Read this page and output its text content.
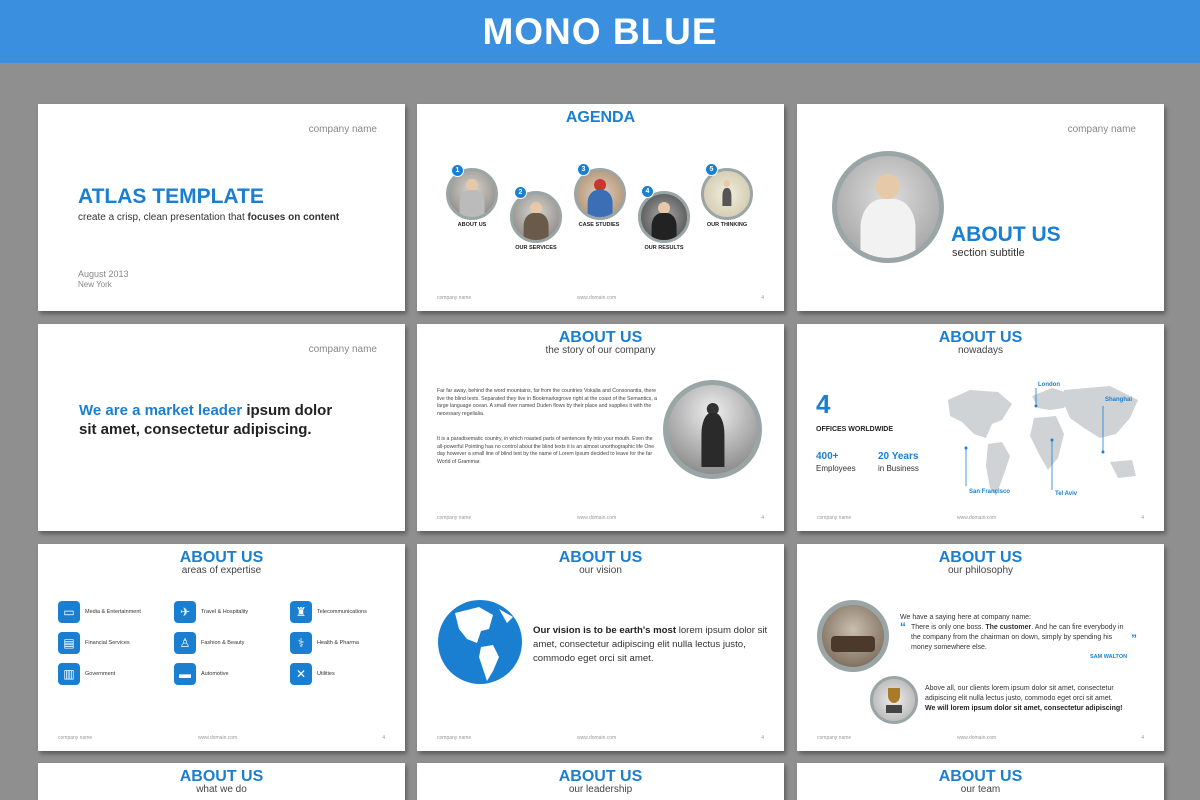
MONO BLUE
company name
ATLAS TEMPLATE
create a crisp, clean presentation that focuses on content
August 2013
New York
AGENDA
1
ABOUT US
2
OUR SERVICES
3
CASE STUDIES
4
OUR RESULTS
5
OUR THINKING
company name	www.domain.com	4
company name
ABOUT US
section subtitle
company name
We are a market leader ipsum dolor
sit amet, consectetur adipiscing.
ABOUT US
the story of our company
Far far away, behind the word mountains, far from the countries Vokalia and Consonantia, there live the blind texts. Separated they live in Bookmarksgrove right at the coast of the Semantics, a large language ocean. A small river named Duden flows by their place and supplies it with the necessary regelialia.
It is a paradisematic country, in which roasted parts of sentences fly into your mouth. Even the all-powerful Pointing has no control about the blind texts it is an almost unorthographic life One day however a small line of blind text by the name of Lorem Ipsum decided to leave for the far World of Grammar.
company name	www.domain.com	4
ABOUT US
nowadays
4
OFFICES WORLDWIDE
400+
Employees
20 Years
in Business
London
Shanghai
San Francisco	Tel Aviv
company name	www.domain.com	4
ABOUT US
areas of expertise
▭ Media & Entertainment	✈ Travel & Hospitality	♜ Telecommunications
▤ Financial Services	♙ Fashion & Beauty	⚕ Health & Pharma
▥ Government	▬ Automotive	✕ Utilities
company name	www.domain.com	4
ABOUT US
our vision
Our vision is to be earth's most lorem ipsum dolor sit amet, consectetur adipiscing elit nulla lectus justo, commodo eget orci sit amet.
company name	www.domain.com	4
ABOUT US
our philosophy
We have a saying here at company name:
“ There is only one boss. The customer. And he can fire everybody in the company from the chairman on down, simply by spending his money somewhere else.
”
SAM WALTON
Above all, our clients lorem ipsum dolor sit amet, consectetur adipiscing elit nulla lectus justo, commodo eget orci sit amet.
We will lorem ipsum dolor sit amet, consectetur adipiscing!
company name	www.domain.com	4
ABOUT US
what we do
ABOUT US
our leadership
ABOUT US
our team
